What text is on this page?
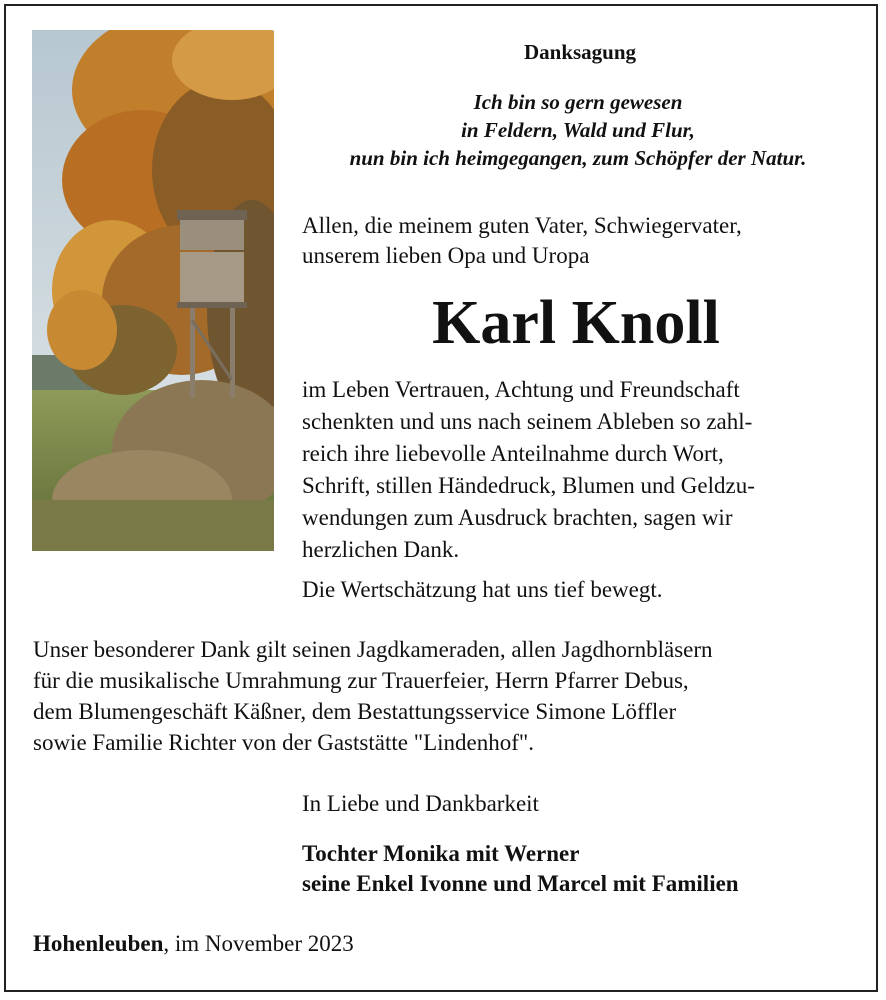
Danksagung

Ich bin so gern gewesen
in Feldern, Wald und Flur,
nun bin ich heimgegangen, zum Schöpfer der Natur.
Allen, die meinem guten Vater, Schwiegervater,
unserem lieben Opa und Uropa

Karl Knoll

im Leben Vertrauen, Achtung und Freundschaft
schenkten und uns nach seinem Ableben so zahl-
reich ihre liebevolle Anteilnahme durch Wort,
Schrift, stillen Händedruck, Blumen und Geldzu-
wendungen zum Ausdruck brachten, sagen wir
herzlichen Dank.

Die Wertschätzung hat uns tief bewegt.

Unser besonderer Dank gilt seinen Jagdkameraden, allen Jagdhornbläsern
für die musikalische Umrahmung zur Trauerfeier, Herrn Pfarrer Debus,
dem Blumengeschäft Käßner, dem Bestattungsservice Simone Löffler
sowie Familie Richter von der Gaststätte "Lindenhof".

In Liebe und Dankbarkeit

Tochter Monika mit Werner
seine Enkel Ivonne und Marcel mit Familien

Hohenleuben, im November 2023
